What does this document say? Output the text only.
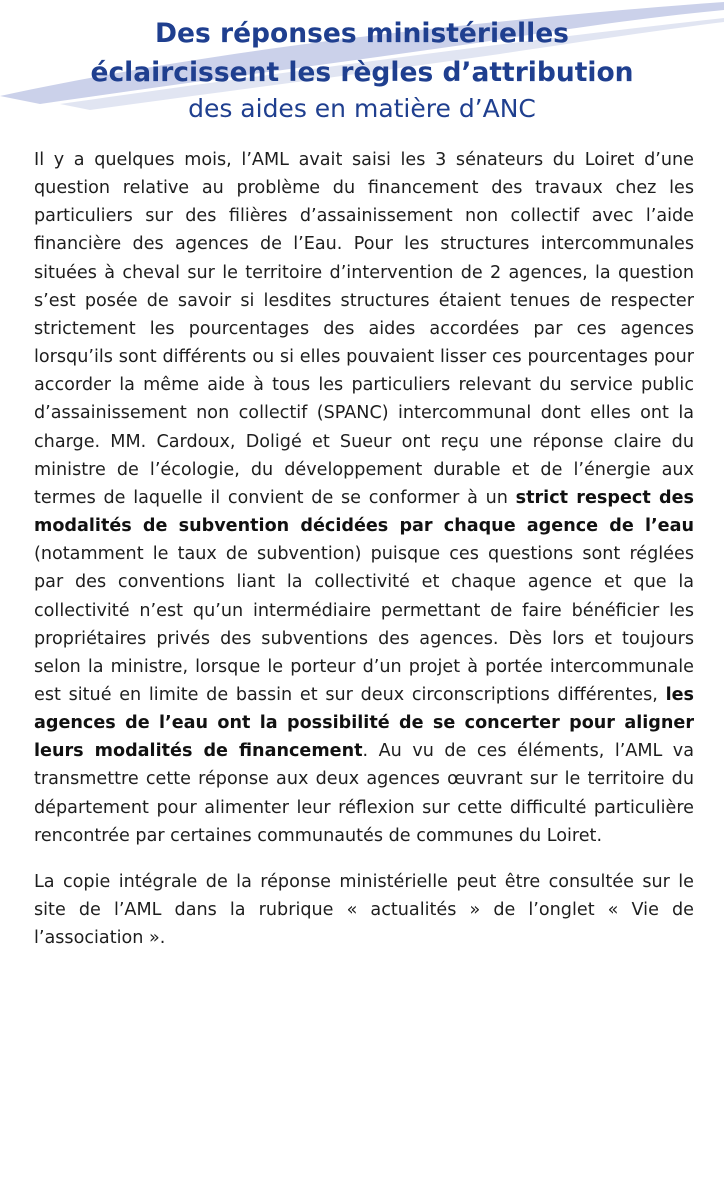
Des réponses ministérielles
éclaircissent les règles d’attribution
des aides en matière d’ANC

Il y a quelques mois, l’AML avait saisi les 3 sénateurs du Loiret d’une question relative au problème du financement des travaux chez les particuliers sur des filières d’assainissement non collectif avec l’aide financière des agences de l’Eau. Pour les structures intercommunales situées à cheval sur le territoire d’intervention de 2 agences, la question s’est posée de savoir si lesdites structures étaient tenues de respecter strictement les pourcentages des aides accordées par ces agences lorsqu’ils sont différents ou si elles pouvaient lisser ces pourcentages pour accorder la même aide à tous les particuliers relevant du service public d’assainissement non collectif (SPANC) intercommunal dont elles ont la charge. MM. Cardoux, Doligé et Sueur ont reçu une réponse claire du ministre de l’écologie, du développement durable et de l’énergie aux termes de laquelle il convient de se conformer à un strict respect des modalités de subvention décidées par chaque agence de l’eau (notamment le taux de subvention) puisque ces questions sont réglées par des conventions liant la collectivité et chaque agence et que la collectivité n’est qu’un intermédiaire permettant de faire bénéficier les propriétaires privés des subventions des agences. Dès lors et toujours selon la ministre, lorsque le porteur d’un projet à portée intercommunale est situé en limite de bassin et sur deux circonscriptions différentes, les agences de l’eau ont la possibilité de se concerter pour aligner leurs modalités de financement. Au vu de ces éléments, l’AML va transmettre cette réponse aux deux agences œuvrant sur le territoire du département pour alimenter leur réflexion sur cette difficulté particulière rencontrée par certaines communautés de communes du Loiret.

La copie intégrale de la réponse ministérielle peut être consultée sur le site de l’AML dans la rubrique « actualités » de l’onglet « Vie de l’association ».
